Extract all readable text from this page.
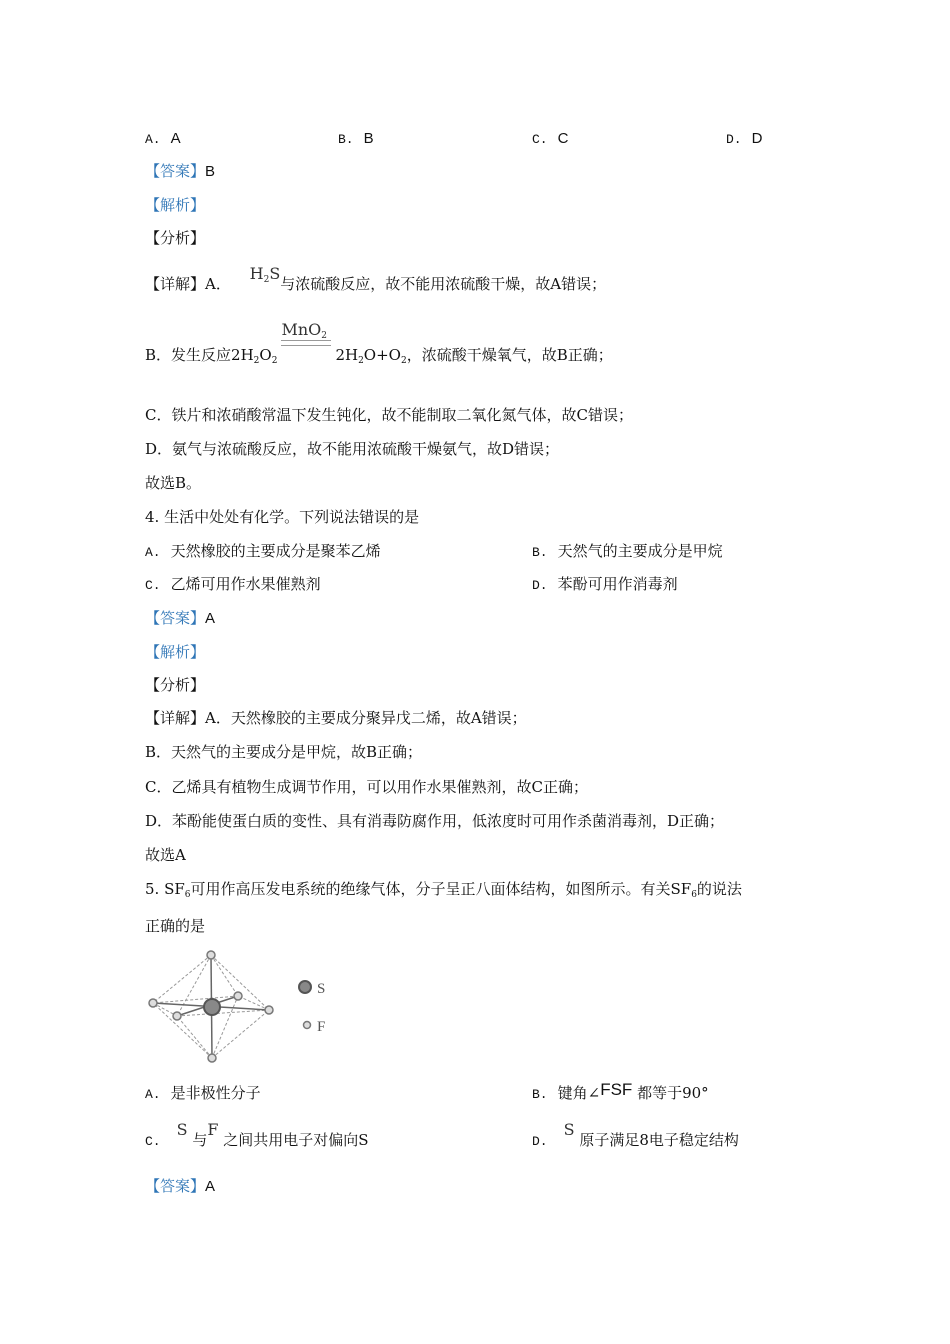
A. A	B. B	C. C	D. D
【答案】B
【解析】
【分析】
【详解】A． $H_2S$与浓硫酸反应，故不能用浓硫酸干燥，故A错误；
B．发生反应$2H_2O_2$
MnO$_2$
$2H_2O+O_2$，浓硫酸干燥氧气，故B正确；
C．铁片和浓硝酸常温下发生钝化，故不能制取二氧化氮气体，故C错误；
D．氨气与浓硫酸反应，故不能用浓硫酸干燥氨气，故D错误；
故选B。
4. 生活中处处有化学。下列说法错误的是
A. 天然橡胶的主要成分是聚苯乙烯	B. 天然气的主要成分是甲烷
C. 乙烯可用作水果催熟剂	D. 苯酚可用作消毒剂
【答案】A
【解析】
【分析】
【详解】A．天然橡胶的主要成分聚异戊二烯，故A错误；
B．天然气的主要成分是甲烷，故B正确；
C．乙烯具有植物生成调节作用，可以用作水果催熟剂，故C正确；
D．苯酚能使蛋白质的变性、具有消毒防腐作用，低浓度时可用作杀菌消毒剂，D正确；
故选A
5. $SF_6$可用作高压发电系统的绝缘气体，分子呈正八面体结构，如图所示。有关$SF_6$的说法
正确的是
S
F
A. 是非极性分子	B. 键角∠FSF 都等于90°
C.S 与F 之间共用电子对偏向S	D.S 原子满足8电子稳定结构
【答案】A
